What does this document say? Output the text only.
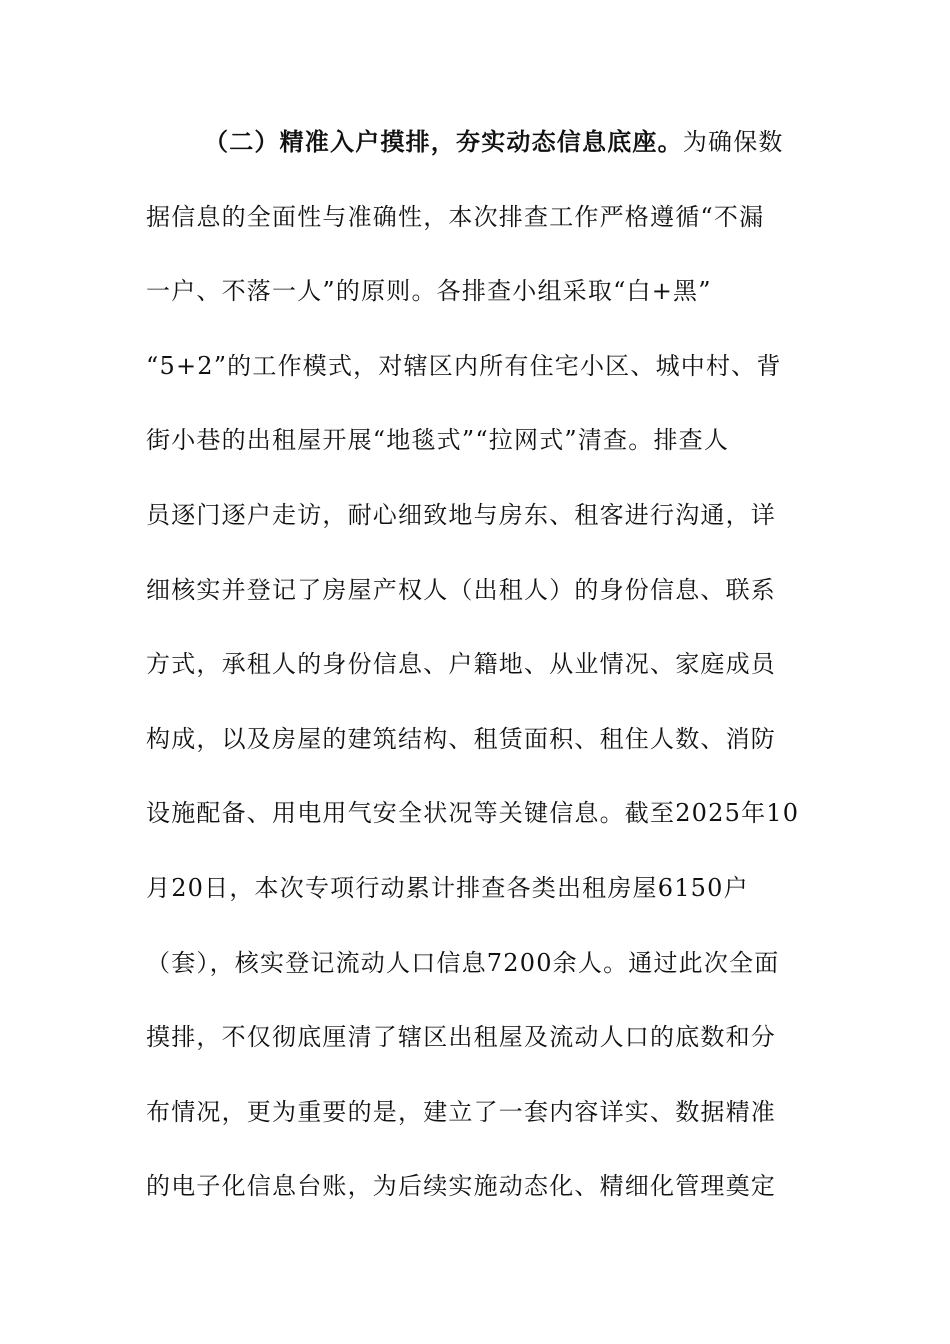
（二）精准入户摸排，夯实动态信息底座。为确保数
据信息的全面性与准确性，本次排查工作严格遵循“不漏
一户、不落一人”的原则。各排查小组采取“白+黑”
“5+2”的工作模式，对辖区内所有住宅小区、城中村、背
街小巷的出租屋开展“地毯式”“拉网式”清查。排查人
员逐门逐户走访，耐心细致地与房东、租客进行沟通，详
细核实并登记了房屋产权人（出租人）的身份信息、联系
方式，承租人的身份信息、户籍地、从业情况、家庭成员
构成，以及房屋的建筑结构、租赁面积、租住人数、消防
设施配备、用电用气安全状况等关键信息。截至2025年10
月20日，本次专项行动累计排查各类出租房屋6150户
（套），核实登记流动人口信息7200余人。通过此次全面
摸排，不仅彻底厘清了辖区出租屋及流动人口的底数和分
布情况，更为重要的是，建立了一套内容详实、数据精准
的电子化信息台账，为后续实施动态化、精细化管理奠定
